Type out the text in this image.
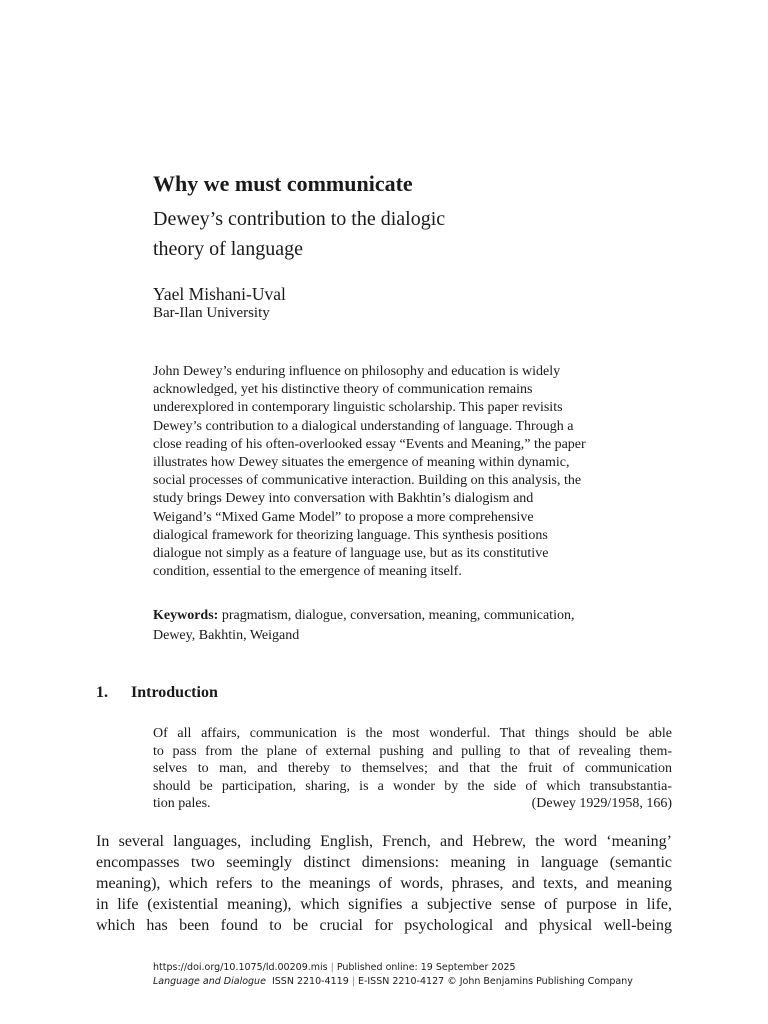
Why we must communicate
Dewey’s contribution to the dialogic
theory of language
Yael Mishani-Uval
Bar-Ilan University
John Dewey’s enduring influence on philosophy and education is widely
acknowledged, yet his distinctive theory of communication remains
underexplored in contemporary linguistic scholarship. This paper revisits
Dewey’s contribution to a dialogical understanding of language. Through a
close reading of his often-overlooked essay “Events and Meaning,” the paper
illustrates how Dewey situates the emergence of meaning within dynamic,
social processes of communicative interaction. Building on this analysis, the
study brings Dewey into conversation with Bakhtin’s dialogism and
Weigand’s “Mixed Game Model” to propose a more comprehensive
dialogical framework for theorizing language. This synthesis positions
dialogue not simply as a feature of language use, but as its constitutive
condition, essential to the emergence of meaning itself.
Keywords: pragmatism, dialogue, conversation, meaning, communication,
Dewey, Bakhtin, Weigand
1. Introduction
Of all affairs, communication is the most wonderful. That things should be able
to pass from the plane of external pushing and pulling to that of revealing them-
selves to man, and thereby to themselves; and that the fruit of communication
should be participation, sharing, is a wonder by the side of which transubstantia-
tion pales.	(Dewey 1929/1958, 166)
In several languages, including English, French, and Hebrew, the word ‘meaning’
encompasses two seemingly distinct dimensions: meaning in language (semantic
meaning), which refers to the meanings of words, phrases, and texts, and meaning
in life (existential meaning), which signifies a subjective sense of purpose in life,
which has been found to be crucial for psychological and physical well-being
https://doi.org/10.1075/ld.00209.mis | Published online: 19 September 2025
Language and Dialogue ISSN 2210-4119 | E-ISSN 2210-4127 © John Benjamins Publishing Company
